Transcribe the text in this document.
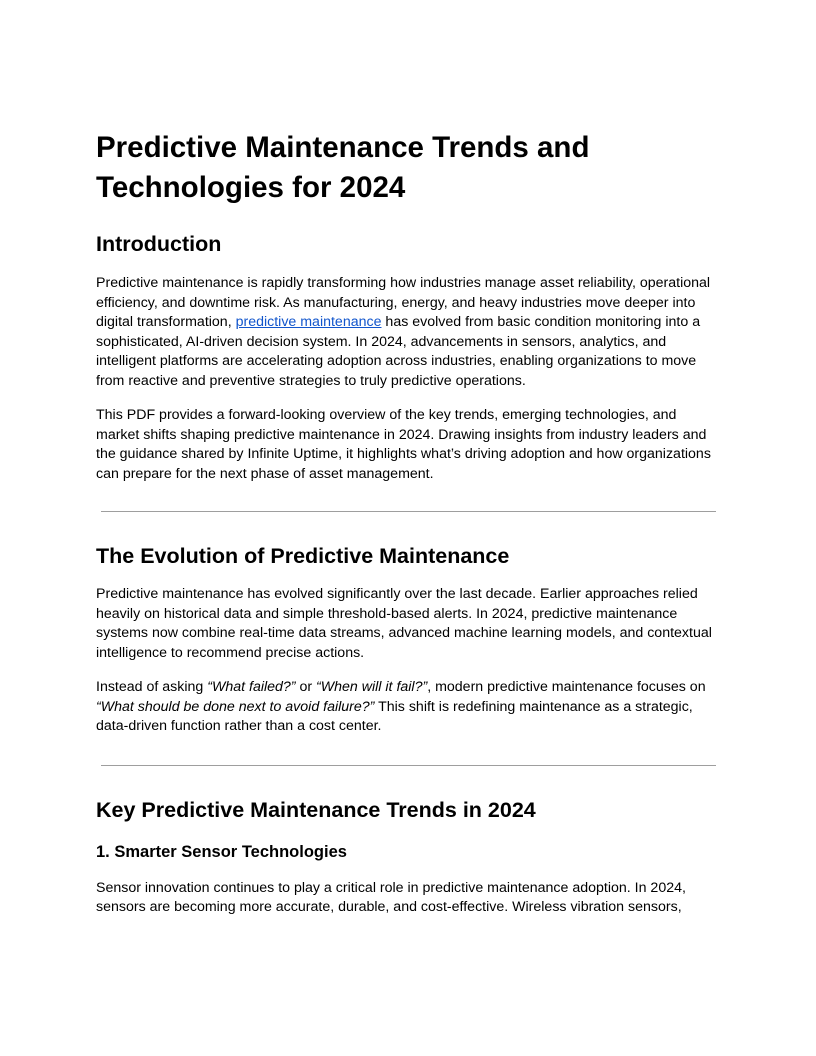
Predictive Maintenance Trends and Technologies for 2024
Introduction

Predictive maintenance is rapidly transforming how industries manage asset reliability, operational efficiency, and downtime risk. As manufacturing, energy, and heavy industries move deeper into digital transformation, predictive maintenance has evolved from basic condition monitoring into a sophisticated, AI-driven decision system. In 2024, advancements in sensors, analytics, and intelligent platforms are accelerating adoption across industries, enabling organizations to move from reactive and preventive strategies to truly predictive operations.

This PDF provides a forward-looking overview of the key trends, emerging technologies, and market shifts shaping predictive maintenance in 2024. Drawing insights from industry leaders and the guidance shared by Infinite Uptime, it highlights what’s driving adoption and how organizations can prepare for the next phase of asset management.

The Evolution of Predictive Maintenance

Predictive maintenance has evolved significantly over the last decade. Earlier approaches relied heavily on historical data and simple threshold-based alerts. In 2024, predictive maintenance systems now combine real-time data streams, advanced machine learning models, and contextual intelligence to recommend precise actions.

Instead of asking “What failed?” or “When will it fail?”, modern predictive maintenance focuses on “What should be done next to avoid failure?” This shift is redefining maintenance as a strategic, data-driven function rather than a cost center.

Key Predictive Maintenance Trends in 2024
1. Smarter Sensor Technologies

Sensor innovation continues to play a critical role in predictive maintenance adoption. In 2024, sensors are becoming more accurate, durable, and cost-effective. Wireless vibration sensors,
